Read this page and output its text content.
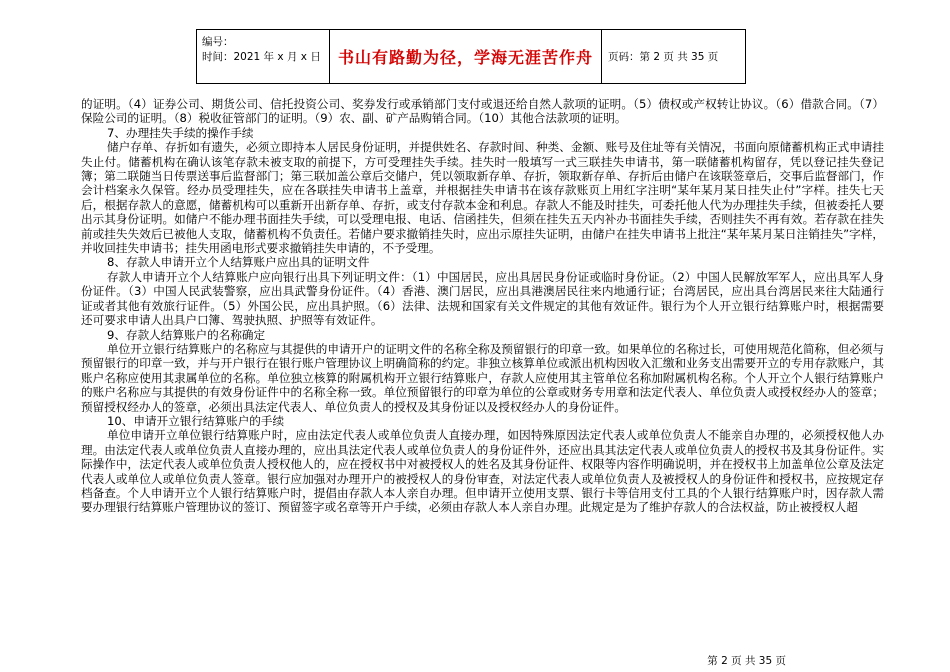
编号：
时间：2021 年 x 月 x 日	书山有路勤为径，学海无涯苦作舟	页码：第 2 页 共 35 页

的证明。（4）证券公司、期货公司、信托投资公司、奖券发行或承销部门支付或退还给自然人款项的证明。（5）债权或产权转让协议。（6）借款合同。（7）保险公司的证明。（8）税收征管部门的证明。（9）农、副、矿产品购销合同。（10）其他合法款项的证明。

7、办理挂失手续的操作手续

储户存单、存折如有遗失，必须立即持本人居民身份证明，并提供姓名、存款时间、种类、金额、账号及住址等有关情况，书面向原储蓄机构正式申请挂失止付。储蓄机构在确认该笔存款未被支取的前提下，方可受理挂失手续。挂失时一般填写一式三联挂失申请书，第一联储蓄机构留存，凭以登记挂失登记簿；第二联随当日传票送事后监督部门；第三联加盖公章后交储户，凭以领取新存单、存折，领取新存单、存折后由储户在该联签章后，交事后监督部门，作会计档案永久保管。经办员受理挂失，应在各联挂失申请书上盖章，并根据挂失申请书在该存款账页上用红字注明“某年某月某日挂失止付”字样。挂失七天后，根据存款人的意愿，储蓄机构可以重新开出新存单、存折，或支付存款本金和利息。存款人不能及时挂失，可委托他人代为办理挂失手续，但被委托人要出示其身份证明。如储户不能办理书面挂失手续，可以受理电报、电话、信函挂失，但须在挂失五天内补办书面挂失手续，否则挂失不再有效。若存款在挂失前或挂失失效后已被他人支取，储蓄机构不负责任。若储户要求撤销挂失时，应出示原挂失证明，由储户在挂失申请书上批注“某年某月某日注销挂失”字样，并收回挂失申请书；挂失用函电形式要求撤销挂失申请的，不予受理。

8、存款人申请开立个人结算账户应出具的证明文件

存款人申请开立个人结算账户应向银行出具下列证明文件：（1）中国居民，应出具居民身份证或临时身份证。（2）中国人民解放军军人，应出具军人身份证件。（3）中国人民武装警察，应出具武警身份证件。（4）香港、澳门居民，应出具港澳居民往来内地通行证；台湾居民，应出具台湾居民来往大陆通行证或者其他有效旅行证件。（5）外国公民，应出具护照。（6）法律、法规和国家有关文件规定的其他有效证件。银行为个人开立银行结算账户时，根据需要还可要求申请人出具户口簿、驾驶执照、护照等有效证件。

9、存款人结算账户的名称确定

单位开立银行结算账户的名称应与其提供的申请开户的证明文件的名称全称及预留银行的印章一致。如果单位的名称过长，可使用规范化简称，但必须与预留银行的印章一致，并与开户银行在银行账户管理协议上明确简称的约定。非独立核算单位或派出机构因收入汇缴和业务支出需要开立的专用存款账户，其账户名称应使用其隶属单位的名称。单位独立核算的附属机构开立银行结算账户，存款人应使用其主管单位名称加附属机构名称。个人开立个人银行结算账户的账户名称应与其提供的有效身份证件中的名称全称一致。单位预留银行的印章为单位的公章或财务专用章和法定代表人、单位负责人或授权经办人的签章；预留授权经办人的签章，必须出具法定代表人、单位负责人的授权及其身份证以及授权经办人的身份证件。

10、申请开立银行结算账户的手续

单位申请开立单位银行结算账户时，应由法定代表人或单位负责人直接办理，如因特殊原因法定代表人或单位负责人不能亲自办理的，必须授权他人办理。由法定代表人或单位负责人直接办理的，应出具法定代表人或单位负责人的身份证件外，还应出具其法定代表人或单位负责人的授权书及其身份证件。实际操作中，法定代表人或单位负责人授权他人的，应在授权书中对被授权人的姓名及其身份证件、权限等内容作明确说明，并在授权书上加盖单位公章及法定代表人或单位人或单位负责人签章。银行应加强对办理开户的被授权人的身份审查，对法定代表人或单位负责人及被授权人的身份证件和授权书，应按规定存档备查。个人申请开立个人银行结算账户时，提倡由存款人本人亲自办理。但申请开立使用支票、银行卡等信用支付工具的个人银行结算账户时，因存款人需要办理银行结算账户管理协议的签订、预留签字或名章等开户手续，必须由存款人本人亲自办理。此规定是为了维护存款人的合法权益，防止被授权人超

第 2 页 共 35 页
